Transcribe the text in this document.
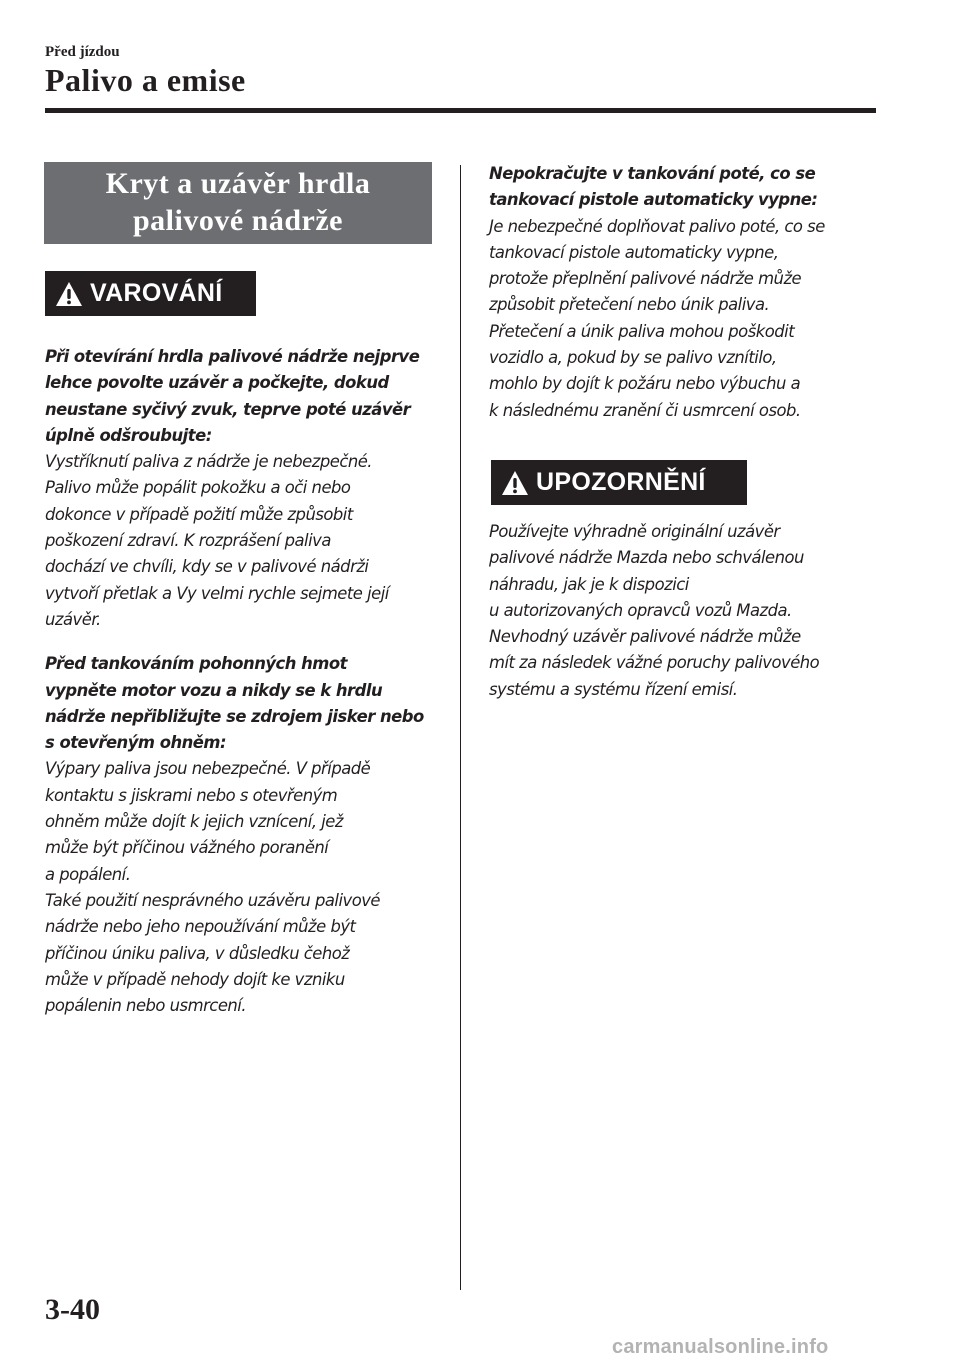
Před jízdou
Palivo a emise
Kryt a uzávěr hrdla
palivové nádrže
VAROVÁNÍ

Při otevírání hrdla palivové nádrže nejprve

lehce povolte uzávěr a počkejte, dokud

neustane syčivý zvuk, teprve poté uzávěr

úplně odšroubujte:

Vystříknutí paliva z nádrže je nebezpečné.

Palivo může popálit pokožku a oči nebo

dokonce v případě požití může způsobit

poškození zdraví. K rozprášení paliva

dochází ve chvíli, kdy se v palivové nádrži

vytvoří přetlak a Vy velmi rychle sejmete její

uzávěr.

Před tankováním pohonných hmot

vypněte motor vozu a nikdy se k hrdlu

nádrže nepřibližujte se zdrojem jisker nebo

s otevřeným ohněm:

Výpary paliva jsou nebezpečné. V případě

kontaktu s jiskrami nebo s otevřeným

ohněm může dojít k jejich vznícení, jež

může být příčinou vážného poranění

a popálení.

Také použití nesprávného uzávěru palivové

nádrže nebo jeho nepoužívání může být

příčinou úniku paliva, v důsledku čehož

může v případě nehody dojít ke vzniku

popálenin nebo usmrcení.

Nepokračujte v tankování poté, co se

tankovací pistole automaticky vypne:

Je nebezpečné doplňovat palivo poté, co se

tankovací pistole automaticky vypne,

protože přeplnění palivové nádrže může

způsobit přetečení nebo únik paliva.

Přetečení a únik paliva mohou poškodit

vozidlo a, pokud by se palivo vznítilo,

mohlo by dojít k požáru nebo výbuchu a

k následnému zranění či usmrcení osob.

UPOZORNĚNÍ

Používejte výhradně originální uzávěr

palivové nádrže Mazda nebo schválenou

náhradu, jak je k dispozici

u autorizovaných opravců vozů Mazda.

Nevhodný uzávěr palivové nádrže může

mít za následek vážné poruchy palivového

systému a systému řízení emisí.

3-40
carmanualsonline.info
